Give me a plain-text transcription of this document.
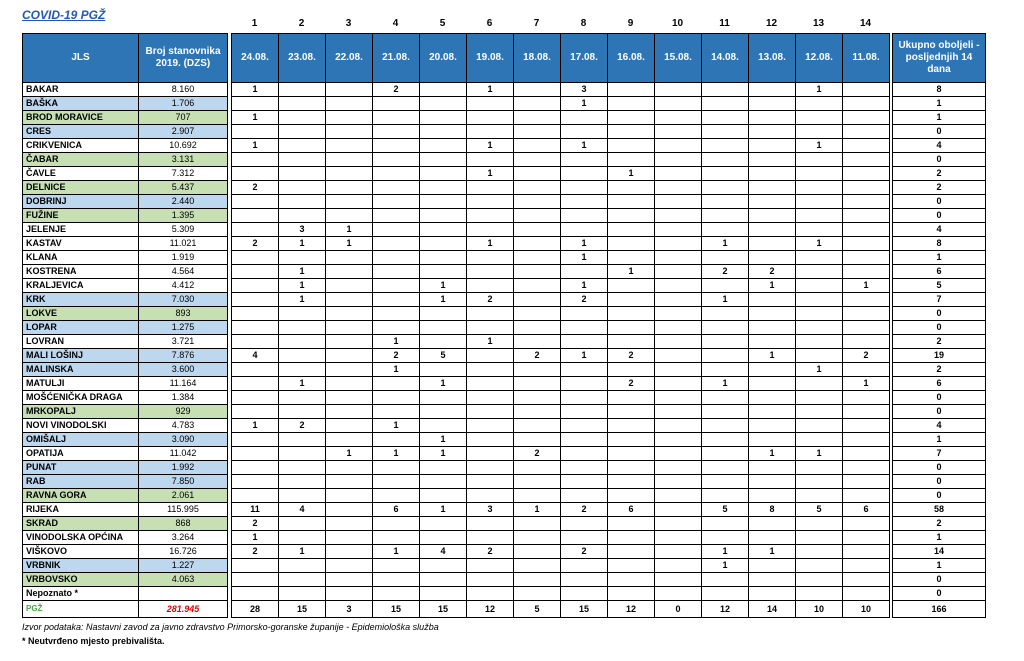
COVID-19 PGŽ
1	2	3	4	5	6	7	8	9	10	11	12	13	14
JLS	Broj stanovnika 2019. (DZS)		24.08.	23.08.	22.08.	21.08.	20.08.	19.08.	18.08.	17.08.	16.08.	15.08.	14.08.	13.08.	12.08.	11.08.		Ukupno oboljeli - posljednjih 14 dana
BAKAR	8.160		1			2		1		3					1			8
BAŠKA	1.706									1								1
BROD MORAVICE	707		1															1
CRES	2.907																	0
CRIKVENICA	10.692		1					1		1					1			4
ČABAR	3.131																	0
ČAVLE	7.312							1			1							2
DELNICE	5.437		2															2
DOBRINJ	2.440																	0
FUŽINE	1.395																	0
JELENJE	5.309			3	1													4
KASTAV	11.021		2	1	1			1		1			1		1			8
KLANA	1.919									1								1
KOSTRENA	4.564			1							1		2	2				6
KRALJEVICA	4.412			1			1			1				1		1		5
KRK	7.030			1			1	2		2			1					7
LOKVE	893																	0
LOPAR	1.275																	0
LOVRAN	3.721					1		1										2
MALI LOŠINJ	7.876		4			2	5		2	1	2			1		2		19
MALINSKA	3.600					1									1			2
MATULJI	11.164			1			1				2		1			1		6
MOŠĆENIČKA DRAGA	1.384																	0
MRKOPALJ	929																	0
NOVI VINODOLSKI	4.783		1	2		1												4
OMIŠALJ	3.090						1											1
OPATIJA	11.042				1	1	1		2					1	1			7
PUNAT	1.992																	0
RAB	7.850																	0
RAVNA GORA	2.061																	0
RIJEKA	115.995		11	4		6	1	3	1	2	6		5	8	5	6		58
SKRAD	868		2															2
VINODOLSKA OPĆINA	3.264		1															1
VIŠKOVO	16.726		2	1		1	4	2		2			1	1				14
VRBNIK	1.227												1					1
VRBOVSKO	4.063																	0
Nepoznato *																		0
PGŽ	281.945		28	15	3	15	15	12	5	15	12	0	12	14	10	10		166
Izvor podataka: Nastavni zavod za javno zdravstvo Primorsko-goranske županije - Epidemiološka služba
* Neutvrđeno mjesto prebivališta.
